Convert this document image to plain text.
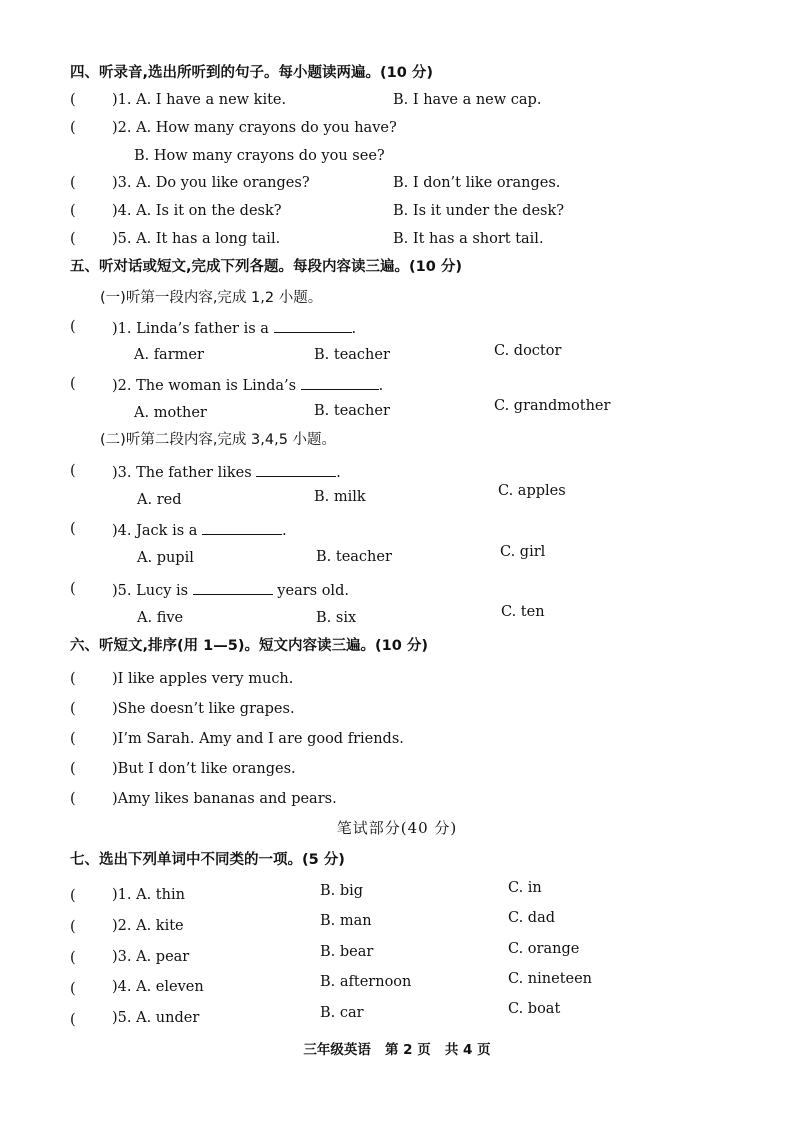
四、听录音,选出所听到的句子。每小题读两遍。(10 分)
(	)1. A. I have a new kite.	B. I have a new cap.
(	)2. A. How many crayons do you have?
B. How many crayons do you see?
(	)3. A. Do you like oranges?	B. I don’t like oranges.
(	)4. A. Is it on the desk?	B. Is it under the desk?
(	)5. A. It has a long tail.	B. It has a short tail.
五、听对话或短文,完成下列各题。每段内容读三遍。(10 分)
(一)听第一段内容,完成 1,2 小题。
(	)1. Linda’s father is a	.
A. farmer	B. teacher	C. doctor
(	)2. The woman is Linda’s	.
A. mother	B. teacher	C. grandmother
(二)听第二段内容,完成 3,4,5 小题。
(	)3. The father likes	.
A. red	B. milk	C. apples
(	)4. Jack is a	.
A. pupil	B. teacher	C. girl
(	)5. Lucy is	years old.
A. five	B. six	C. ten
六、听短文,排序(用 1—5)。短文内容读三遍。(10 分)
(	)I like apples very much.
(	)She doesn’t like grapes.
(	)I’m Sarah. Amy and I are good friends.
(	)But I don’t like oranges.
(	)Amy likes bananas and pears.
笔试部分(40 分)
七、选出下列单词中不同类的一项。(5 分)
(	)1. A. thin	B. big	C. in
(	)2. A. kite	B. man	C. dad
(	)3. A. pear	B. bear	C. orange
(	)4. A. eleven	B. afternoon	C. nineteen
(	)5. A. under	B. car	C. boat
三年级英语   第 2 页   共 4 页
